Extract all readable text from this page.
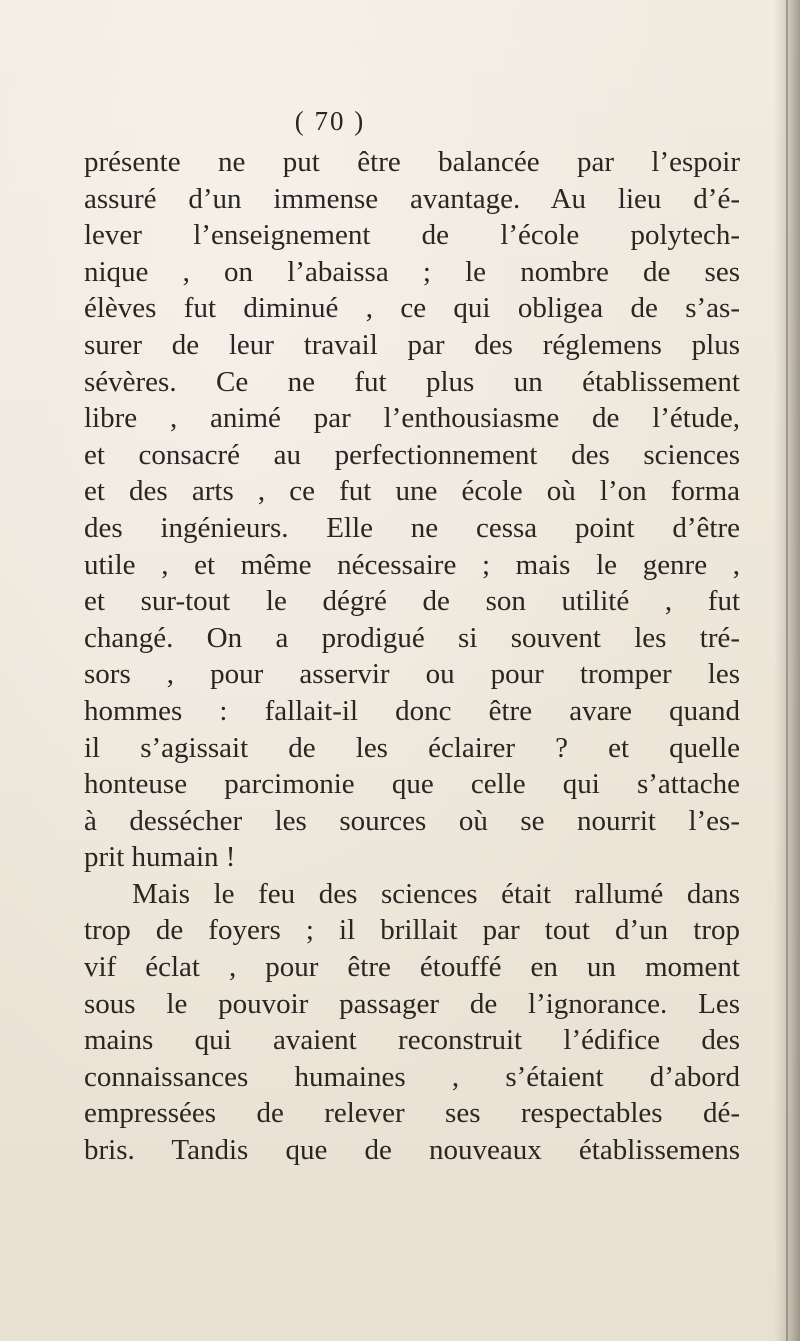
( 70 )
présente ne put être balancée par l’espoir
assuré d’un immense avantage. Au lieu d’é-
lever l’enseignement de l’école polytech-
nique , on l’abaissa ; le nombre de ses
élèves fut diminué , ce qui obligea de s’as-
surer de leur travail par des réglemens plus
sévères. Ce ne fut plus un établissement
libre , animé par l’enthousiasme de l’étude,
et consacré au perfectionnement des sciences
et des arts , ce fut une école où l’on forma
des ingénieurs. Elle ne cessa point d’être
utile , et même nécessaire ; mais le genre ,
et sur-tout le dégré de son utilité , fut
changé. On a prodigué si souvent les tré-
sors , pour asservir ou pour tromper les
hommes : fallait-il donc être avare quand
il s’agissait de les éclairer ? et quelle
honteuse parcimonie que celle qui s’attache
à dessécher les sources où se nourrit l’es-
prit humain !
Mais le feu des sciences était rallumé dans
trop de foyers ; il brillait par tout d’un trop
vif éclat , pour être étouffé en un moment
sous le pouvoir passager de l’ignorance. Les
mains qui avaient reconstruit l’édifice des
connaissances humaines , s’étaient d’abord
empressées de relever ses respectables dé-
bris. Tandis que de nouveaux établissemens
